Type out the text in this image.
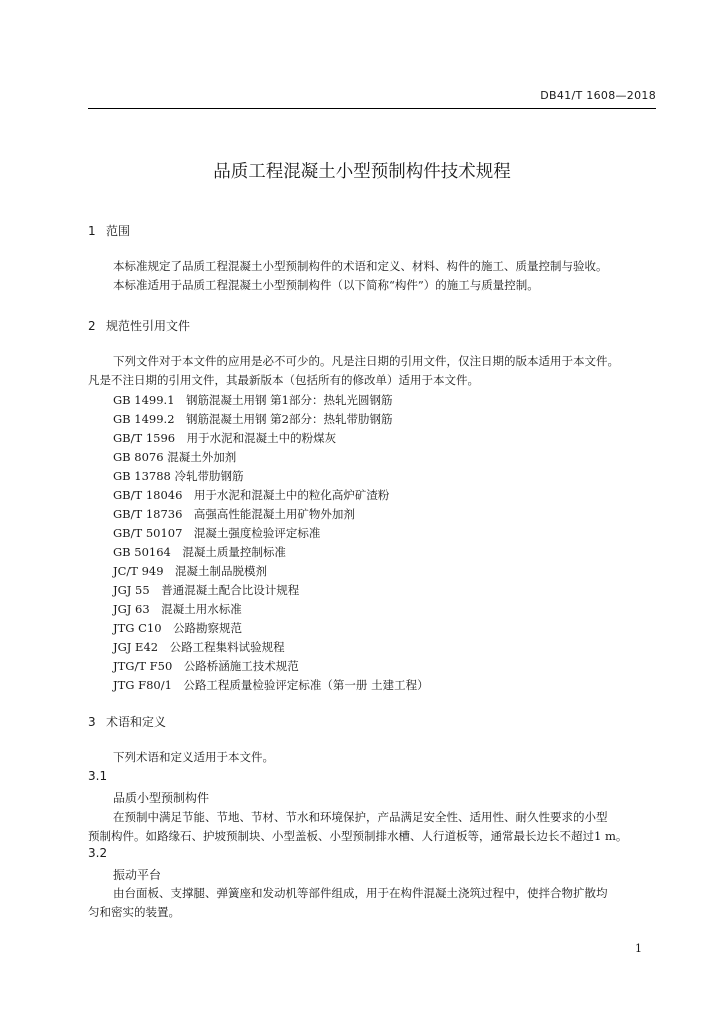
DB41/T 1608—2018
品质工程混凝土小型预制构件技术规程
1 范围
本标准规定了品质工程混凝土小型预制构件的术语和定义、材料、构件的施工、质量控制与验收。
本标准适用于品质工程混凝土小型预制构件（以下简称“构件”）的施工与质量控制。
2 规范性引用文件
下列文件对于本文件的应用是必不可少的。凡是注日期的引用文件，仅注日期的版本适用于本文件。
凡是不注日期的引用文件，其最新版本（包括所有的修改单）适用于本文件。
GB 1499.1　钢筋混凝土用钢 第1部分：热轧光圆钢筋
GB 1499.2　钢筋混凝土用钢 第2部分：热轧带肋钢筋
GB/T 1596　用于水泥和混凝土中的粉煤灰
GB 8076 混凝土外加剂
GB 13788 冷轧带肋钢筋
GB/T 18046　用于水泥和混凝土中的粒化高炉矿渣粉
GB/T 18736　高强高性能混凝土用矿物外加剂
GB/T 50107　混凝土强度检验评定标准
GB 50164　混凝土质量控制标准
JC/T 949　混凝土制品脱模剂
JGJ 55　普通混凝土配合比设计规程
JGJ 63　混凝土用水标准
JTG C10　公路勘察规范
JGJ E42　公路工程集料试验规程
JTG/T F50　公路桥涵施工技术规范
JTG F80/1　公路工程质量检验评定标准（第一册 土建工程）
3 术语和定义
下列术语和定义适用于本文件。
3.1
品质小型预制构件
在预制中满足节能、节地、节材、节水和环境保护，产品满足安全性、适用性、耐久性要求的小型
预制构件。如路缘石、护坡预制块、小型盖板、小型预制排水槽、人行道板等，通常最长边长不超过1 m。
3.2
振动平台
由台面板、支撑腿、弹簧座和发动机等部件组成，用于在构件混凝土浇筑过程中，使拌合物扩散均
匀和密实的装置。
1
